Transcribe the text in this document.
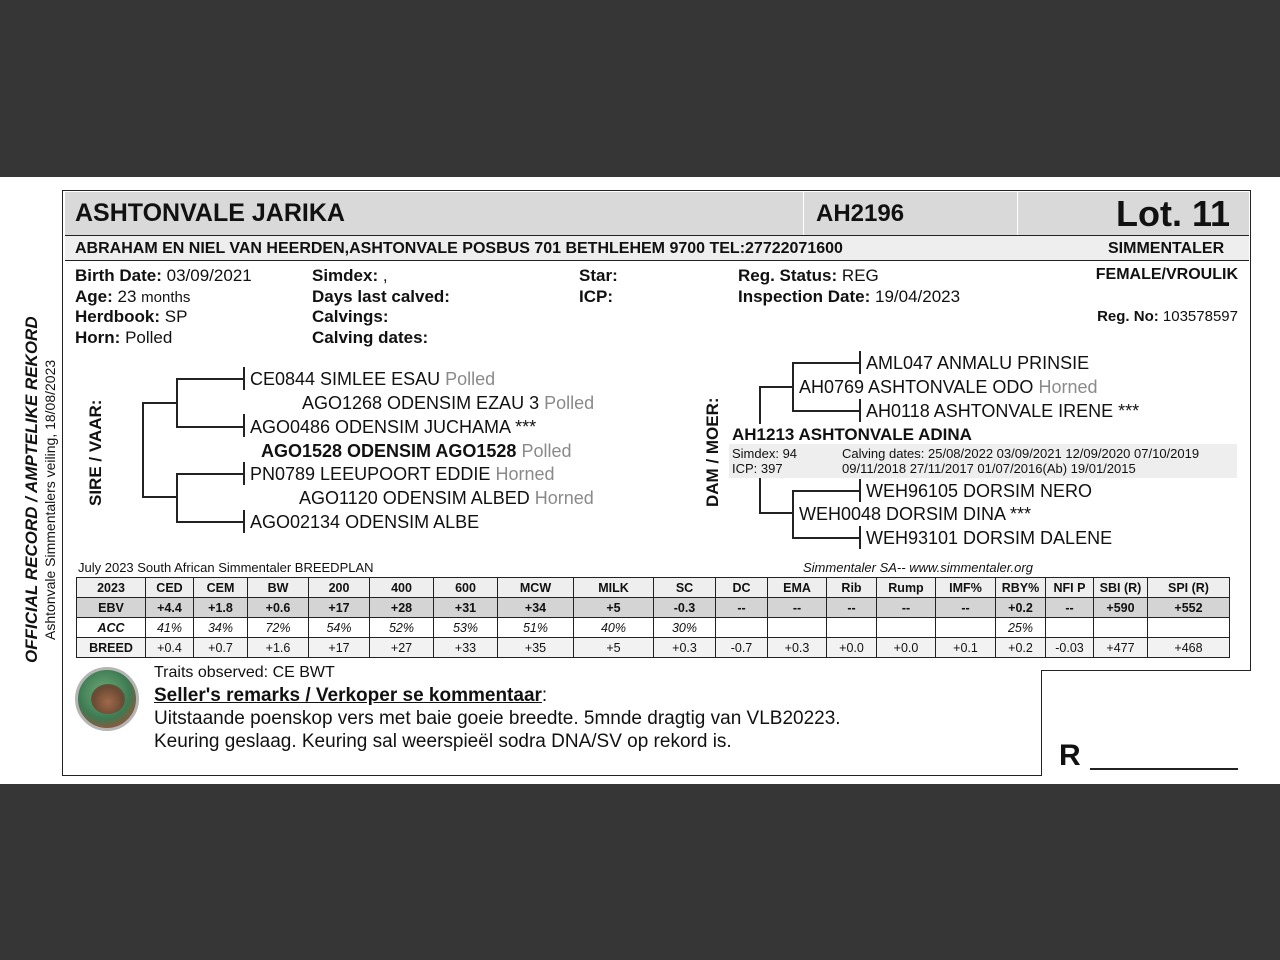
OFFICIAL RECORD / AMPTELIKE REKORD Ashtonvale Simmentalers veiling, 18/08/2023
ASHTONVALE JARIKA	AH2196	Lot. 11
ABRAHAM EN NIEL VAN HEERDEN,ASHTONVALE POSBUS 701 BETHLEHEM 9700 TEL:27722071600	SIMMENTALER
Birth Date: 03/09/2021
Age: 23 months
Herdbook: SP
Horn: Polled
Simdex: ,
Days last calved:
Calvings:
Calving dates:
Star:
ICP:
Reg. Status: REG
Inspection Date: 19/04/2023
FEMALE/VROULIK
Reg. No: 103578597
SIRE / VAAR:
CE0844 SIMLEE ESAU Polled
AGO1268 ODENSIM EZAU 3 Polled
AGO0486 ODENSIM JUCHAMA ***
AGO1528 ODENSIM AGO1528 Polled
PN0789 LEEUPOORT EDDIE Horned
AGO1120 ODENSIM ALBED Horned
AGO02134 ODENSIM ALBE
DAM / MOER:
AML047 ANMALU PRINSIE
AH0769 ASHTONVALE ODO Horned
AH0118 ASHTONVALE IRENE ***
AH1213 ASHTONVALE ADINA
Simdex: 94
ICP: 397
Calving dates: 25/08/2022 03/09/2021 12/09/2020 07/10/2019
09/11/2018 27/11/2017 01/07/2016(Ab) 19/01/2015
WEH96105 DORSIM NERO
WEH0048 DORSIM DINA ***
WEH93101 DORSIM DALENE
July 2023 South African Simmentaler BREEDPLAN	Simmentaler SA-- www.simmentaler.org
2023	CED	CEM	BW	200	400	600	MCW	MILK	SC	DC	EMA	Rib	Rump	IMF%	RBY%	NFI P	SBI (R)	SPI (R)
EBV	+4.4	+1.8	+0.6	+17	+28	+31	+34	+5	-0.3	--	--	--	--	--	+0.2	--	+590	+552
ACC	41%	34%	72%	54%	52%	53%	51%	40%	30%						25%			
BREED	+0.4	+0.7	+1.6	+17	+27	+33	+35	+5	+0.3	-0.7	+0.3	+0.0	+0.0	+0.1	+0.2	-0.03	+477	+468
Traits observed: CE BWT
Seller's remarks / Verkoper se kommentaar:
Uitstaande poenskop vers met baie goeie breedte. 5mnde dragtig van VLB20223.
Keuring geslaag. Keuring sal weerspieël sodra DNA/SV op rekord is.	R
